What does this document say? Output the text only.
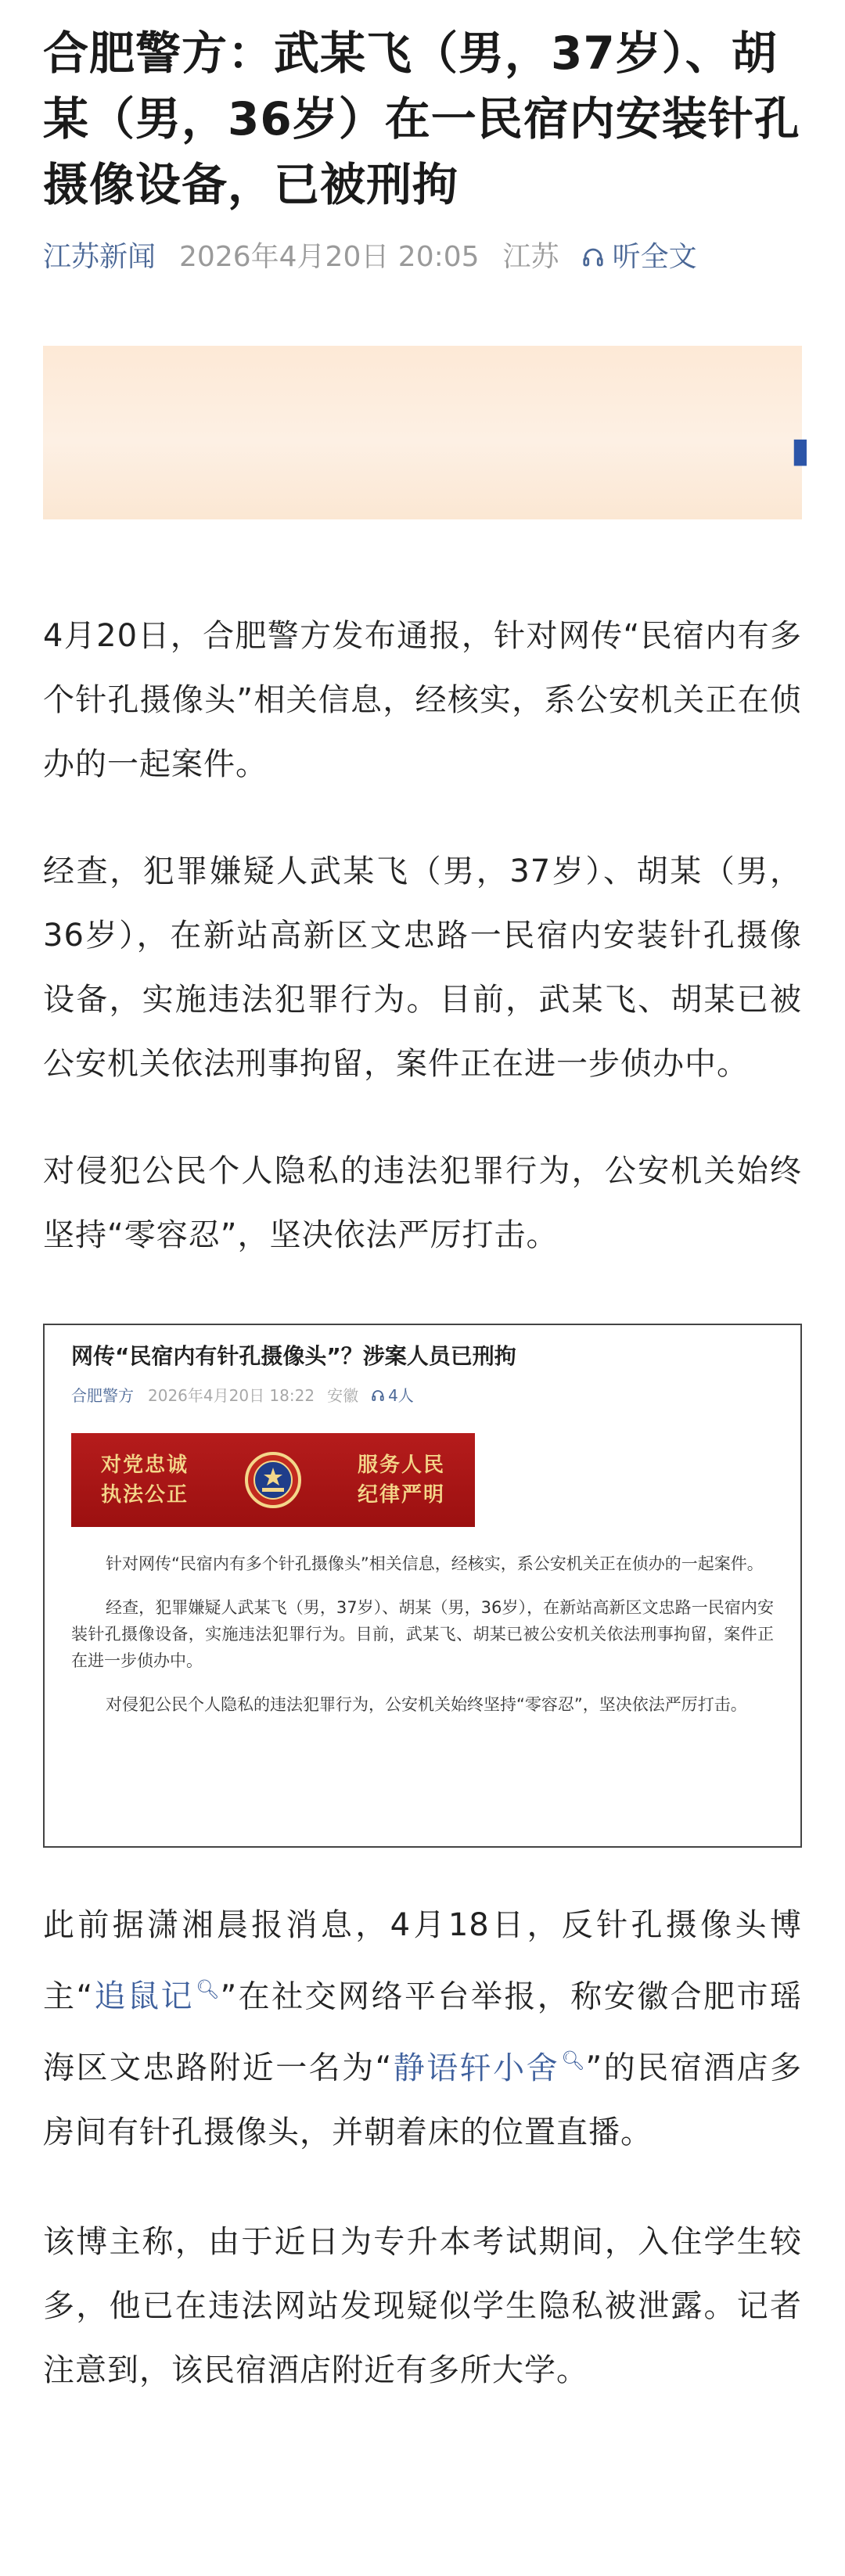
合肥警方：武某飞（男，37岁）、胡某（男，36岁）在一民宿内安装针孔摄像设备，已被刑拘
江苏新闻 2026年4月20日 20:05 江苏 听全文
▮

4月20日，合肥警方发布通报，针对网传“民宿内有多个针孔摄像头”相关信息，经核实，系公安机关正在侦办的一起案件。

经查，犯罪嫌疑人武某飞（男，37岁）、胡某（男，36岁），在新站高新区文忠路一民宿内安装针孔摄像设备，实施违法犯罪行为。目前，武某飞、胡某已被公安机关依法刑事拘留，案件正在进一步侦办中。

对侵犯公民个人隐私的违法犯罪行为，公安机关始终坚持“零容忍”，坚决依法严厉打击。

网传“民宿内有针孔摄像头”？涉案人员已刑拘
合肥警方 2026年4月20日 18:22 安徽 4人
对党忠诚
执法公正
服务人民
纪律严明

针对网传“民宿内有多个针孔摄像头”相关信息，经核实，系公安机关正在侦办的一起案件。

经查，犯罪嫌疑人武某飞（男，37岁）、胡某（男，36岁），在新站高新区文忠路一民宿内安装针孔摄像设备，实施违法犯罪行为。目前，武某飞、胡某已被公安机关依法刑事拘留，案件正在进一步侦办中。

对侵犯公民个人隐私的违法犯罪行为，公安机关始终坚持“零容忍”，坚决依法严厉打击。

此前据潇湘晨报消息，4月18日，反针孔摄像头博主“追鼠记🔍︎”在社交网络平台举报，称安徽合肥市瑶海区文忠路附近一名为“静语轩小舍🔍︎”的民宿酒店多房间有针孔摄像头，并朝着床的位置直播。

该博主称，由于近日为专升本考试期间，入住学生较多，他已在违法网站发现疑似学生隐私被泄露。记者注意到，该民宿酒店附近有多所大学。
